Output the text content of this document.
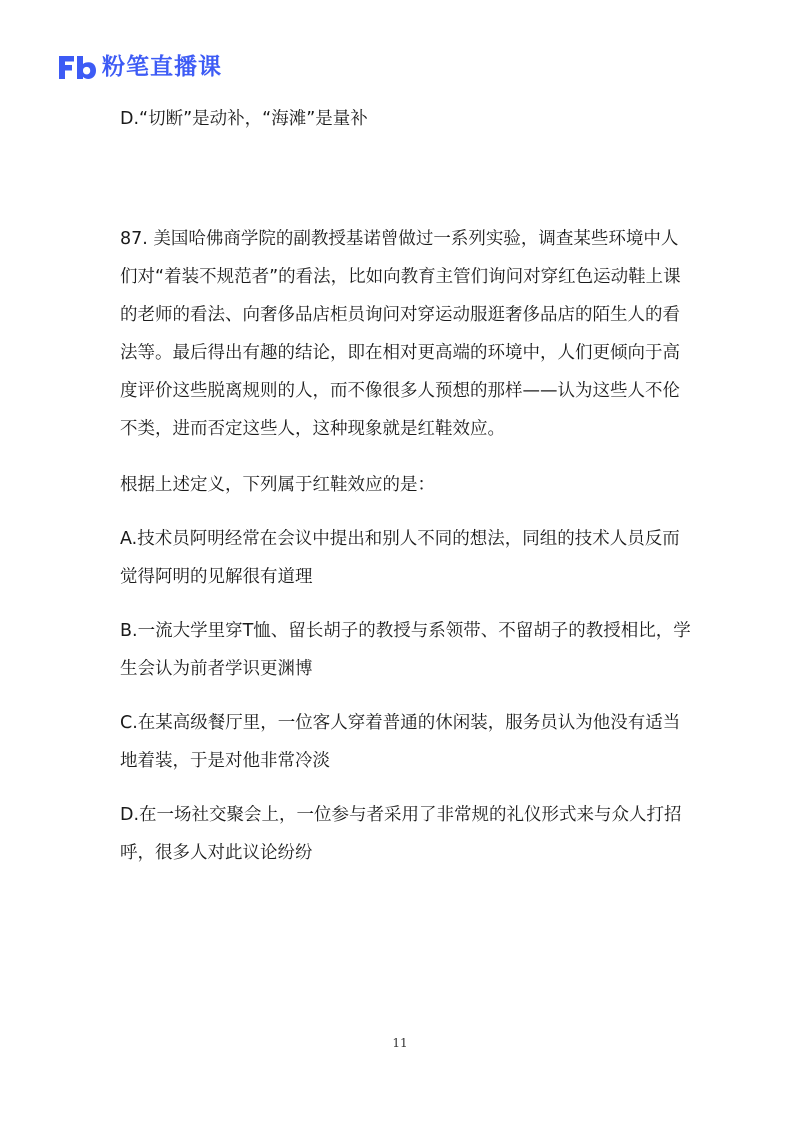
粉笔直播课

D.“切断”是动补，“海滩”是量补

87. 美国哈佛商学院的副教授基诺曾做过一系列实验，调查某些环境中人们对“着装不规范者”的看法，比如向教育主管们询问对穿红色运动鞋上课的老师的看法、向奢侈品店柜员询问对穿运动服逛奢侈品店的陌生人的看法等。最后得出有趣的结论，即在相对更高端的环境中，人们更倾向于高度评价这些脱离规则的人，而不像很多人预想的那样——认为这些人不伦不类，进而否定这些人，这种现象就是红鞋效应。

根据上述定义，下列属于红鞋效应的是：

A.技术员阿明经常在会议中提出和别人不同的想法，同组的技术人员反而觉得阿明的见解很有道理

B.一流大学里穿T恤、留长胡子的教授与系领带、不留胡子的教授相比，学生会认为前者学识更渊博

C.在某高级餐厅里，一位客人穿着普通的休闲装，服务员认为他没有适当地着装，于是对他非常冷淡

D.在一场社交聚会上，一位参与者采用了非常规的礼仪形式来与众人打招呼，很多人对此议论纷纷

11
